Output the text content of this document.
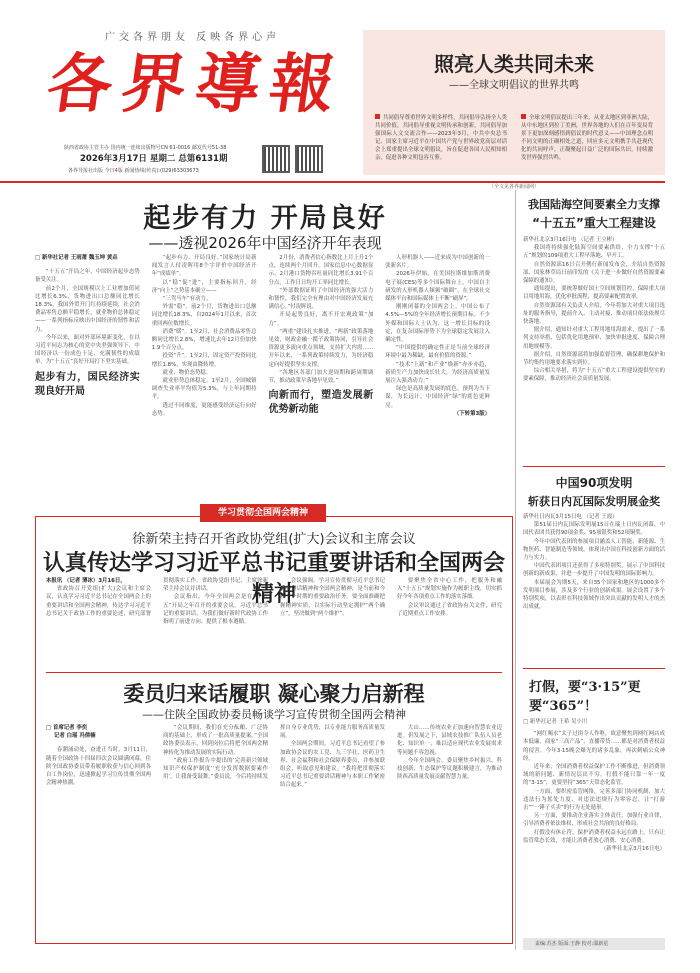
广交各界朋友 反映各界心声
各界導報
陕西省政协主管主办 国内统一连续出版物号CN 61-0016 邮发代号51-38
2026年3月17日 星期二 总第6131期
各界导报社出版 今日4版 新闻热线(传真):(029)63303673
照亮人类共同未来
——全球文明倡议的世界共鸣
共同倡导尊重世界文明多样性，共同倡导弘扬全人类共同价值，共同倡导重视文明传承和创新，共同倡导加强国际人文交流合作——2023年3月，中共中央总书记、国家主席习近平在中国共产党与世界政党高层对话会上郑重提出全球文明倡议，旨在促进各国人民相知相亲，促进各种文明包容互鉴。
全球文明倡议提出三年来，从亚太地区到非洲大陆，从中东地区到拉丁美洲，世界各地的人们在百年变局背景下更加深刻感悟到倡议的时代意义——中国理念点明不同文明的正确相处之道，回应多元文明携手共赴现代化的共同呼声，正凝聚起日益广泛的国际共识，持续激发世界强烈共鸣。
（全文见各界新闻网）
起步有力 开局良好
——透视2026年中国经济开年表现

□ 新华社记者 王雨萧 魏玉坤 黄垚

“十五五”开局之年，中国经济起步态势备受关注。

前2个月，全国规模以上工业增加值同比增长6.3%，货物进出口总额同比增长18.3%，我国外贸开门红持续延续，社会消费品零售总额平稳增长，就业物价总体稳定——一系列指标反映出中国经济的韧性和活力。

今年以来，面对外部环境新变化，在以习近平同志为核心的党中央坚强领导下，中国经济以一份成色十足、充满韧性的成绩单，为“十五五”良好开局打下坚实基础。

起步有力，国民经济实现良好开局

“起步有力、开局良好。”国家统计局新闻发言人付凌晖用8个字评价中国经济开年“成绩单”。

以“稳”促“进”，主要指标回升，经济“向上”之势基本确立——

“三驾马车”有动力。

外需“稳”。前2个月，货物进出口总额同比增长18.3%，自2024年1月以来，首次重回两位数增长。

消费“暖”。1至2月，社会消费品零售总额同比增长2.8%，增速比去年12月份加快1.9个百分点。

投资“升”。1至2月，固定资产投资同比增长1.8%，实现由降转增。

就业、物价态势稳。

就业形势总体稳定。1至2月，全国城镇调查失业率平均值为5.3%，与上年同期持平。

透过不同维度，更能感受经济运行向好态势。

2月份，消费者信心指数比上月上升1个点，连续两个月回升。国家信息中心数据显示，2月港口货物吞吐量同比增长3.91个百分点，工作日日均开工率同比增长。

“外部数据证明了中国经济的强大活力和韧性，我们完全有理由对中国经济发展充满信心。”付凌晖说。

开局起势良好，离不开宏观政策“加力”。

“两重”建设扎实推进，“两新”政策落地见效，财政金融一揽子政策协同，引导社会资源更多流向重点领域，支持扩大内需……开年以来，一系列政策持续发力，为经济稳定向好提供坚实支撑。

“各地区各部门加大逆周期和跨周期调节，推动政策早落地早见效。”

向新而行，塑造发展新优势新动能

人形机器人——近来成为中国创新的一张新名片。

2026年伊始，在美国拉斯维加斯消费电子展(CES)等多个国际舞台上，中国自主研发的人形机器人频频“破圈”，在全球社交媒体平台和国际媒体上不断“刷屏”。

刚刚闭幕的全国两会上，中国公布了4.5%—5%的全年经济增长预期目标。不少外媒和国际人士认为，这一增长目标的设定，在复杂国际形势下为全球稳定发展注入确定性。

“中国提供的确定性正是当前全球经济环境中最为稀缺、最有价值的资源。”

“技术”上新“和产业”焕新“亦步亦趋，新质生产力加快成长壮大，为经济高质量发展注入强劲动力。”

绿色是高质量发展的底色。预判为当下谋，为长远计，中国经济“绿”的底色更鲜亮。

（下转第3版）

学习贯彻全国两会精神
徐新荣主持召开省政协党组(扩大)会议和主席会议
认真传达学习习近平总书记重要讲话和全国两会精神

本报讯 （记者 薄冰）3月16日，

省政协召开党组(扩大)会议和主席会议，认真学习习近平总书记在全国两会上的重要讲话和全国两会精神，传达学习习近平总书记关于政协工作的重要论述，研究部署贯彻落实工作。省政协党组书记、主席徐新荣主持会议并讲话。

会议指出，今年全国两会是在“十五五”开局之年召开的重要会议。习近平总书记的重要讲话，为我们做好新时代政协工作指明了前进方向、提供了根本遵循。

会议强调，学习宣传贯彻习近平总书记重要讲话精神和全国两会精神，是当前和今后一个时期的重要政治任务。要全面准确把握精神实质，以实际行动坚定拥护“两个确立”，坚决做到“两个维护”。

要聚焦全省中心工作，把服务和融入“十五五”规划实施作为履职主线，切实抓好今年各项重点工作的落实落细。

会议审议通过了省政协有关文件，研究了近期重点工作安排。

委员归来话履职 凝心聚力启新程
——住陕全国政协委员畅谈学习宣传贯彻全国两会精神

□ 首席记者 李奕

记者 白瑶 冯倩楠

春潮涌动处，奋进正当时。3月11日，随着全国政协十四届四次会议圆满闭幕，住陕全国政协委员带着履职收获与信心回到各自工作岗位，迅速掀起学习宣传贯彻全国两会精神热潮。

“会议期间，我们在充分酝酿、广泛协商的基础上，形成了一批高质量提案。”全国政协委员表示，回到岗位后将把全国两会精神转化为推动发展的实际行动。

“政府工作报告中提出的‘完善新兴领域知识产权保护制度’‘充分发挥数据要素作用’，让我备受鼓舞。”委员说，今后将持续发挥自身专业优势，以专业能力服务高质量发展。

全国两会期间，习近平总书记看望了参加政协会议的农工党、九三学社、医药卫生界、社会福利和社会保障界委员，并参加联组会，听取意见和建议。“我将把贯彻落实习近平总书记重要讲话精神与本职工作紧密结合起来。”

大山……传统农业正加速向智慧农业迈进。但发展之下，县域农技推广队伍人员老化、知识单一，难以适应现代农业发展需求等问题不容忽视。

今年全国两会，委员聚焦乡村振兴、科技创新、生态保护等议题积极建言，为推动陕西高质量发展贡献智慧力量。

我国陆海空间要素全力支撑
“十五五”重大工程建设

新华社北京3月16日电 （记者 王立彬）

我国将持续强化陆海空间要素供给，全力支撑“十五五”规划的109项重大工程早落地、早开工。

自然资源部16日召开例行新闻发布会，介绍自然资源部、国家林草局日前印发的《关于进一步做好自然资源要素保障的通知》。

通知提出，要统筹做好国土空间规划管控，保障重大项目用地用海，优化审批流程，提高要素配置效率。

自然资源部有关负责人介绍，今年将加大对重大项目选址的服务指导，提前介入、主动对接，推动项目依法依规尽快落地。

据介绍，通知针对重大工程用地用海需求，提出了一系列支持举措，包括优化用地预审、加快审批进度、保障合理用地规模等。

据介绍，自然资源部将加强监督管理，确保耕地保护和节约集约用地要求落实到位。

综合相关举措，将为“十五五”重大工程建设提供坚实的要素保障，推动经济社会高质量发展。

中国90项发明
斩获日内瓦国际发明展金奖

新华社日内瓦3月15日电 （记者 王霞）

第51届日内瓦国际发明展15日在瑞士日内瓦闭幕，中国代表团共获得90项金奖、95项银奖和52项铜奖。

今年中国代表团的参展项目涵盖人工智能、新能源、生物医药、智能制造等领域，体现出中国在科技创新方面的活力与实力。

中国代表团项目还获得了多项特别奖，展示了中国科技创新的新成果，并进一步提升了中国发明的国际影响力。

本届展会为期5天，来自35个国家和地区的1000多个发明项目参展，涉及多个行业的创新成果。展会设置了多个特别奖项，以表彰在科技领域作出突出贡献的发明人才的杰出成就。

打假，要“3·15”更要“365”！

□ 新华社记者 王希 吴小川

“网红喝水”太子过街令人作呕，故意聚焦到网红网店成本低廉，商家“三高产品”、直播带货……都是对消费者权益的侵害。今年3·15晚会曝光的诸多乱象，再次刺痛公众神经。

近年来，全国消费者权益保护工作不断推进，但消费领域的新问题、新情况层出不穷。打假不能只靠一年一度的“3·15”，更要坚持“365”天常态化监管。

一方面，要织密监管网络，完善多部门协同机制，加大违法行为惩处力度，对违法违规行为零容忍，让“打游击”“一锤子买卖”的行为无处遁形。

另一方面，要推动企业落实主体责任，加强行业自律，引导消费者依法维权，形成社会共治的良好格局。

打假没有休止符，保护消费者权益永远在路上。只有让监管常态长效，才能让消费者放心消费、安心消费。

（新华社北京3月16日电）

责编:苏杰 版面:王静 校对:邵新星
